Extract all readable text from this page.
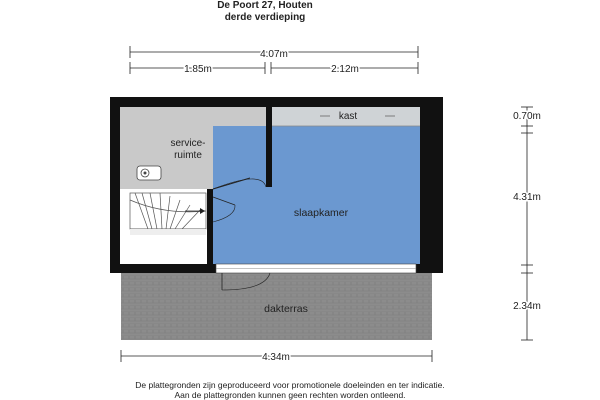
De Poort 27, Houten
derde verdieping
4.07m
1.85m	2.12m
0.70m
4.31m
2.34m
4.34m
service-
ruimte
kast
slaapkamer
dakterras
De plattegronden zijn geproduceerd voor promotionele doeleinden en ter indicatie.
Aan de plattegronden kunnen geen rechten worden ontleend.
